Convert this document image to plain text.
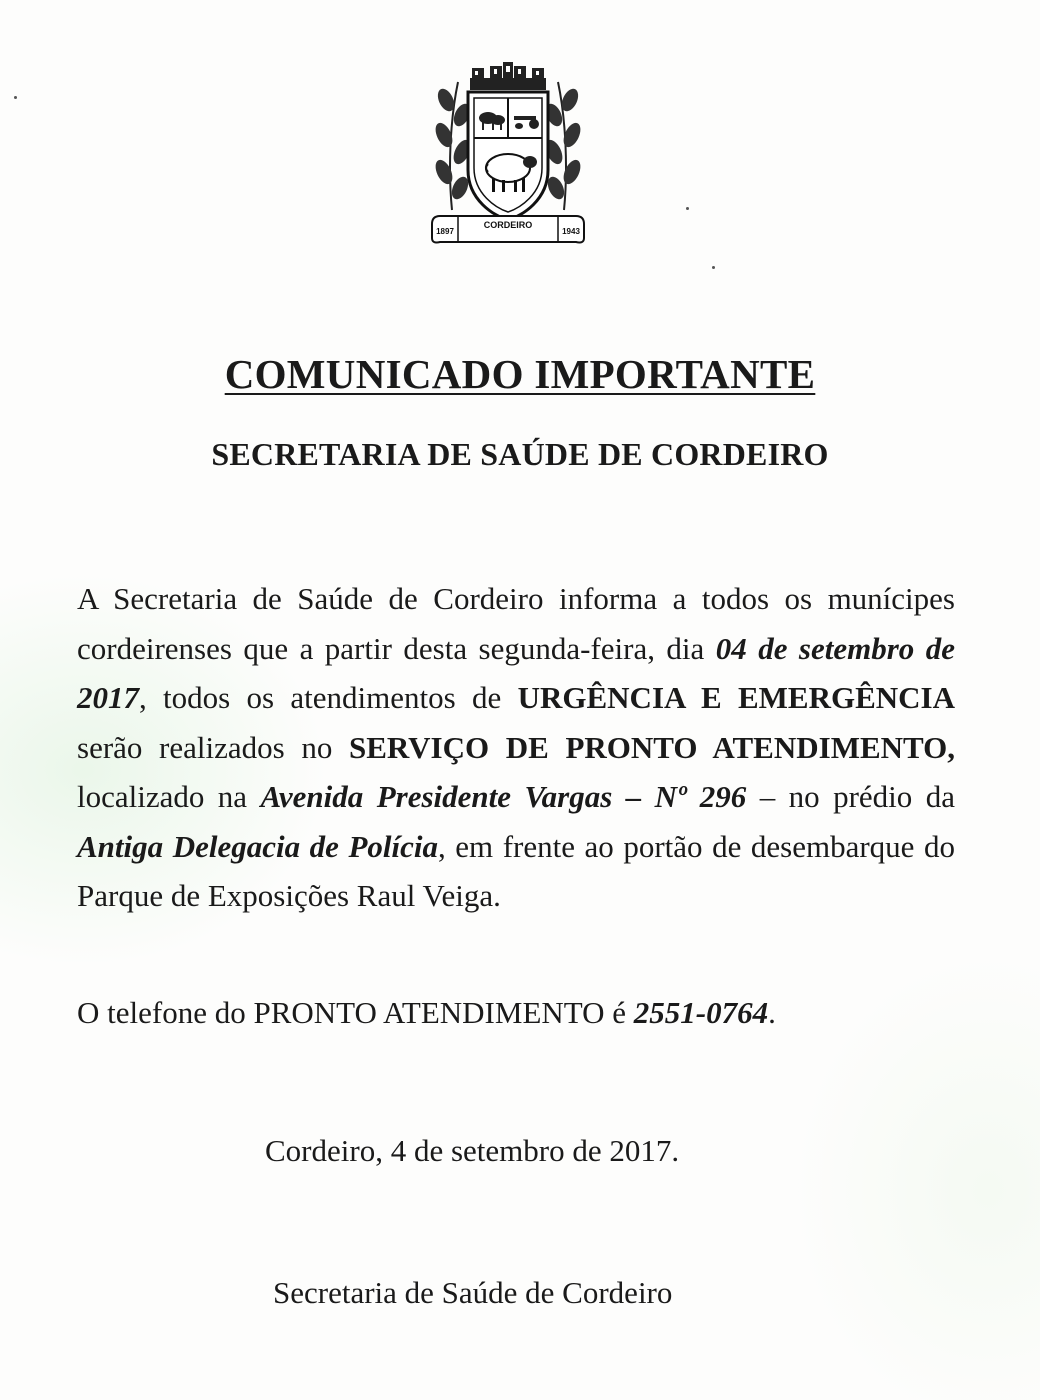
1897
CORDEIRO
1943
COMUNICADO IMPORTANTE
SECRETARIA DE SAÚDE DE CORDEIRO
A Secretaria de Saúde de Cordeiro informa a todos os munícipes cordeirenses que a partir desta segunda-feira, dia 04 de setembro de 2017, todos os atendimentos de URGÊNCIA E EMERGÊNCIA serão realizados no SERVIÇO DE PRONTO ATENDIMENTO, localizado na Avenida Presidente Vargas – Nº 296 – no prédio da Antiga Delegacia de Polícia, em frente ao portão de desembarque do Parque de Exposições Raul Veiga.
O telefone do PRONTO ATENDIMENTO é 2551-0764.
Cordeiro, 4 de setembro de 2017.
Secretaria de Saúde de Cordeiro
